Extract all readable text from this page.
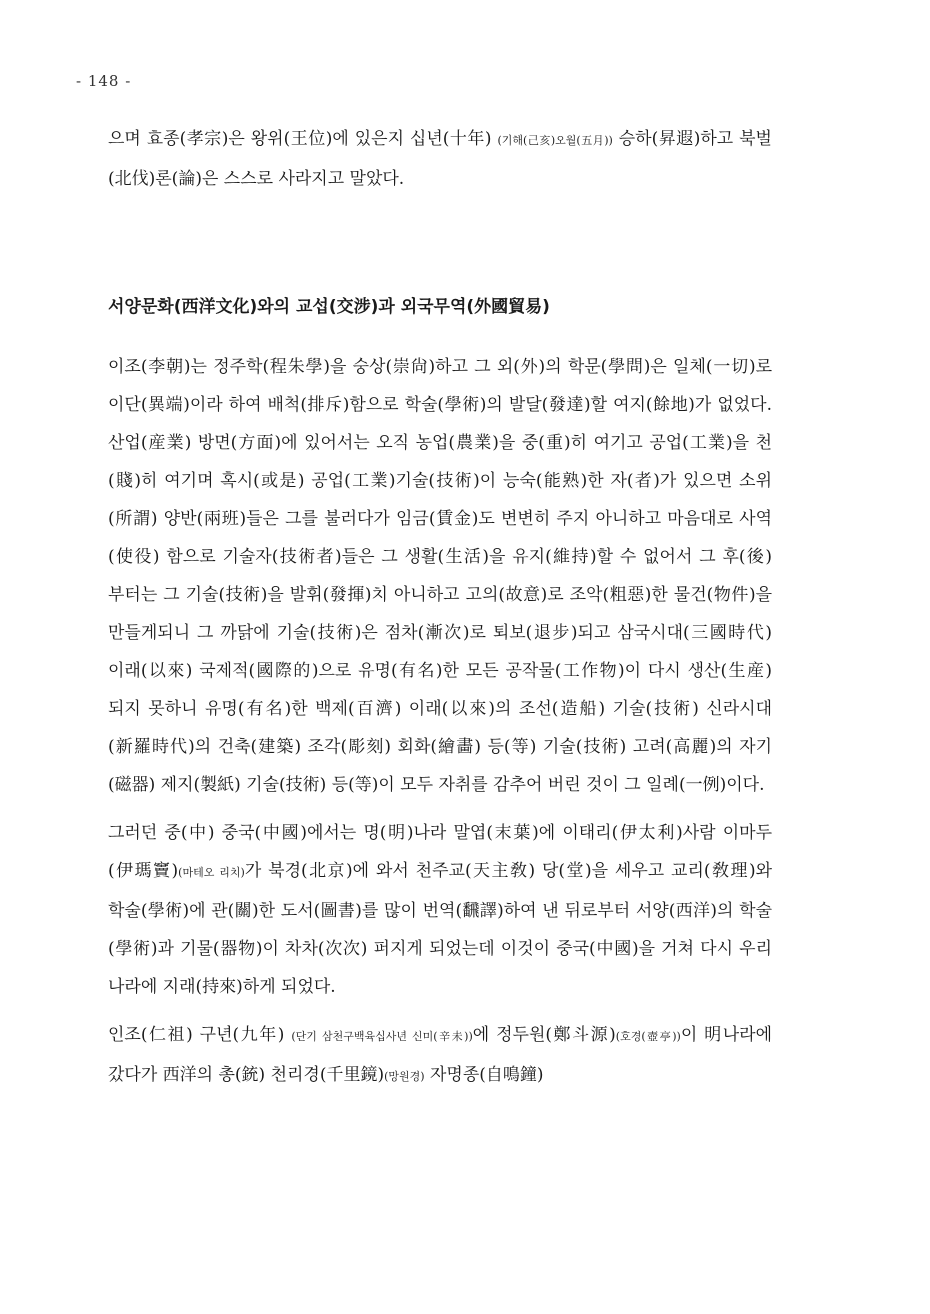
- 148 -

으며 효종(孝宗)은 왕위(王位)에 있은지 십년(十年) (기해(己亥)오월(五月)) 승하(昇遐)하고 북벌(北伐)론(論)은 스스로 사라지고 말았다.

서양문화(西洋文化)와의 교섭(交涉)과 외국무역(外國貿易)

이조(李朝)는 정주학(程朱學)을 숭상(崇尙)하고 그 외(外)의 학문(學問)은 일체(一切)로 이단(異端)이라 하여 배척(排斥)함으로 학술(學術)의 발달(發達)할 여지(餘地)가 없었다. 산업(産業) 방면(方面)에 있어서는 오직 농업(農業)을 중(重)히 여기고 공업(工業)을 천(賤)히 여기며 혹시(或是) 공업(工業)기술(技術)이 능숙(能熟)한 자(者)가 있으면 소위(所謂) 양반(兩班)들은 그를 불러다가 임금(賃金)도 변변히 주지 아니하고 마음대로 사역(使役) 함으로 기술자(技術者)들은 그 생활(生活)을 유지(維持)할 수 없어서 그 후(後)부터는 그 기술(技術)을 발휘(發揮)치 아니하고 고의(故意)로 조악(粗惡)한 물건(物件)을 만들게되니 그 까닭에 기술(技術)은 점차(漸次)로 퇴보(退步)되고 삼국시대(三國時代) 이래(以來) 국제적(國際的)으로 유명(有名)한 모든 공작물(工作物)이 다시 생산(生産)되지 못하니 유명(有名)한 백제(百濟) 이래(以來)의 조선(造船) 기술(技術) 신라시대(新羅時代)의 건축(建築) 조각(彫刻) 회화(繪畵) 등(等) 기술(技術) 고려(高麗)의 자기(磁器) 제지(製紙) 기술(技術) 등(等)이 모두 자취를 감추어 버린 것이 그 일례(一例)이다.

그러던 중(中) 중국(中國)에서는 명(明)나라 말엽(末葉)에 이태리(伊太利)사람 이마두(伊瑪竇)(마테오 리치)가 북경(北京)에 와서 천주교(天主敎) 당(堂)을 세우고 교리(敎理)와 학술(學術)에 관(關)한 도서(圖書)를 많이 번역(飜譯)하여 낸 뒤로부터 서양(西洋)의 학술(學術)과 기물(器物)이 차차(次次) 퍼지게 되었는데 이것이 중국(中國)을 거쳐 다시 우리 나라에 지래(持來)하게 되었다.

인조(仁祖) 구년(九年) (단기 삼천구백육십사년 신미(辛未))에 정두원(鄭斗源)(호경(壺亭))이 明나라에 갔다가 西洋의 총(銃) 천리경(千里鏡)(망원경) 자명종(自鳴鐘)
